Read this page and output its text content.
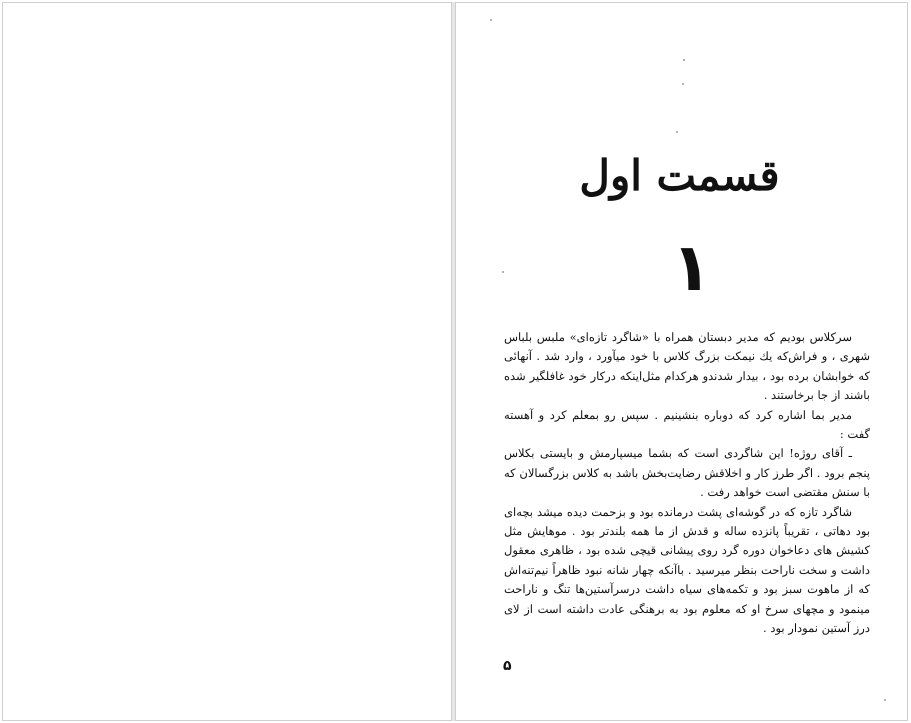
قسمت اول
۱

سرکلاس بودیم که مدیر دبستان همراه با «شاگرد تازه‌ای» ملبس بلباس شهری ، و فراش‌که یك نیمکت بزرگ کلاس با خود میآورد ، وارد شد . آنهائی که خوابشان برده بود ، بیدار شدندو هرکدام مثل‌اینکه درکار خود غافلگیر شده باشند از جا برخاستند .

مدیر بما اشاره کرد که دوباره بنشینیم . سپس رو بمعلم کرد و آهسته گفت :

ـ آقای روژه! این شاگردی است که بشما میسپارمش و بایستی بکلاس پنجم برود . اگر طرز کار و اخلاقش رضایت‌بخش باشد به کلاس بزرگسالان که با سنش مقتضی است خواهد رفت .

شاگرد تازه که در گوشه‌ای پشت درمانده بود و بزحمت دیده میشد بچه‌ای بود دهاتی ، تقریباً پانزده ساله و قدش از ما همه بلندتر بود . موهایش مثل کشیش های دعاخوان دوره گرد روی پیشانی قیچی شده بود ، ظاهری معقول داشت و سخت ناراحت بنظر میرسید . باآنکه چهار شانه نبود ظاهراً نیم‌تنه‌اش که از ماهوت سبز بود و تکمه‌های سیاه داشت درسرآستین‌ها تنگ و ناراحت مینمود و مچهای سرخ او که معلوم بود به برهنگی عادت داشته است از لای درز آستین نمودار بود .

۵
